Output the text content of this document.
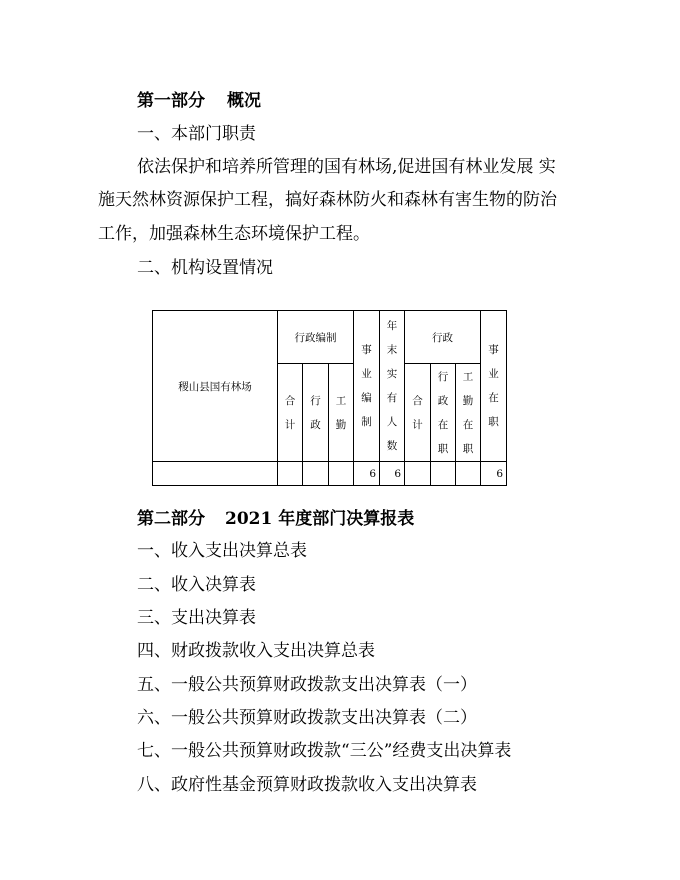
第一部分 概况
一、本部门职责
依法保护和培养所管理的国有林场,促进国有林业发展 实
施天然林资源保护工程，搞好森林防火和森林有害生物的防治
工作，加强森林生态环境保护工程。
二、机构设置情况
稷山县国有林场	行政编制			事业编制	年末实有人数	行政			事业在职
	合计	行政	工勤			合计	行政在职	工勤在职	
				6	6				6
第二部分 2021 年度部门决算报表
一、收入支出决算总表
二、收入决算表
三、支出决算表
四、财政拨款收入支出决算总表
五、一般公共预算财政拨款支出决算表（一）
六、一般公共预算财政拨款支出决算表（二）
七、一般公共预算财政拨款“三公”经费支出决算表
八、政府性基金预算财政拨款收入支出决算表
